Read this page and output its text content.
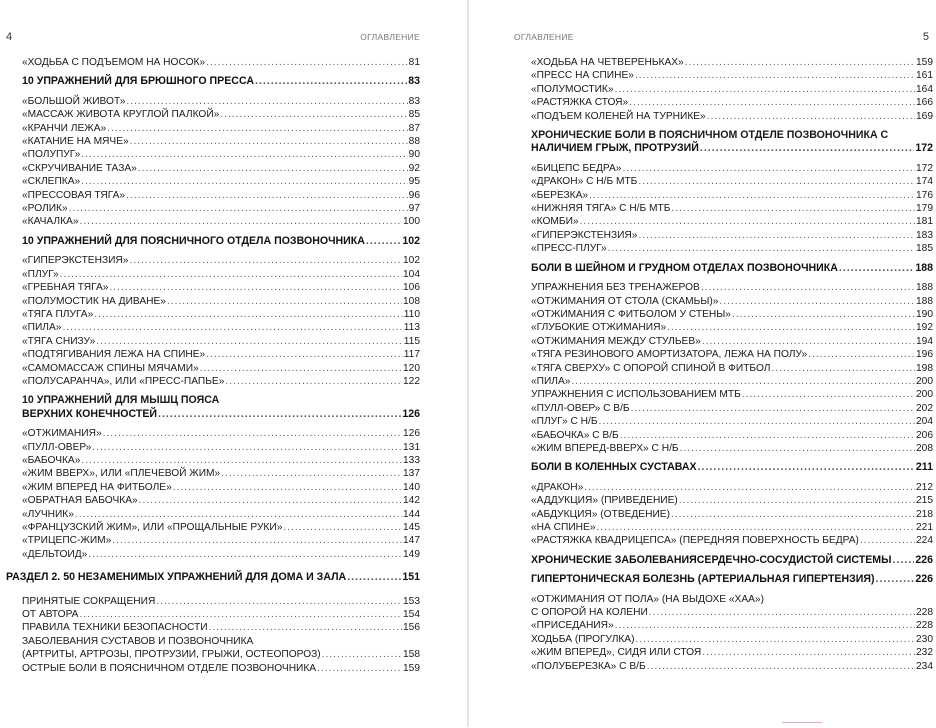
4	ОГЛАВЛЕНИЕ
«ХОДЬБА С ПОДЪЕМОМ НА НОСОК» .....	81
10 УПРАЖНЕНИЙ ДЛЯ БРЮШНОГО ПРЕССА .....	83
«БОЛЬШОЙ ЖИВОТ» .....	83
«МАССАЖ ЖИВОТА КРУГЛОЙ ПАЛКОЙ» .....	85
«КРАНЧИ ЛЕЖА» .....	87
«КАТАНИЕ НА МЯЧЕ» .....	88
«ПОЛУПУГ» .....	90
«СКРУЧИВАНИЕ ТАЗА» .....	92
«СКЛЕПКА» .....	95
«ПРЕССОВАЯ ТЯГА» .....	96
«РОЛИК» .....	97
«КАЧАЛКА» .....	100
10 УПРАЖНЕНИЙ ДЛЯ ПОЯСНИЧНОГО ОТДЕЛА ПОЗВОНОЧНИКА .....	102
«ГИПЕРЭКСТЕНЗИЯ» .....	102
«ПЛУГ» .....	104
«ГРЕБНАЯ ТЯГА» .....	106
«ПОЛУМОСТИК НА ДИВАНЕ» .....	108
«ТЯГА ПЛУГА» .....	110
«ПИЛА» .....	113
«ТЯГА СНИЗУ» .....	115
«ПОДТЯГИВАНИЯ ЛЕЖА НА СПИНЕ» .....	117
«САМОМАССАЖ СПИНЫ МЯЧАМИ» .....	120
«ПОЛУСАРАНЧА», ИЛИ «ПРЕСС-ПАПЬЕ» .....	122
10 УПРАЖНЕНИЙ ДЛЯ МЫШЦ ПОЯСА
ВЕРХНИХ КОНЕЧНОСТЕЙ .....	126
«ОТЖИМАНИЯ» .....	126
«ПУЛЛ-ОВЕР» .....	131
«БАБОЧКА» .....	133
«ЖИМ ВВЕРХ», ИЛИ «ПЛЕЧЕВОЙ ЖИМ» .....	137
«ЖИМ ВПЕРЕД НА ФИТБОЛЕ» .....	140
«ОБРАТНАЯ БАБОЧКА» .....	142
«ЛУЧНИК» .....	144
«ФРАНЦУЗСКИЙ ЖИМ», ИЛИ «ПРОЩАЛЬНЫЕ РУКИ» .....	145
«ТРИЦЕПС-ЖИМ» .....	147
«ДЕЛЬТОИД» .....	149
РАЗДЕЛ 2. 50 НЕЗАМЕНИМЫХ УПРАЖНЕНИЙ ДЛЯ ДОМА И ЗАЛА .....	151
ПРИНЯТЫЕ СОКРАЩЕНИЯ .....	153
ОТ АВТОРА .....	154
ПРАВИЛА ТЕХНИКИ БЕЗОПАСНОСТИ .....	156
ЗАБОЛЕВАНИЯ СУСТАВОВ И ПОЗВОНОЧНИКА
(АРТРИТЫ, АРТРОЗЫ, ПРОТРУЗИИ, ГРЫЖИ, ОСТЕОПОРОЗ) .....	158
ОСТРЫЕ БОЛИ В ПОЯСНИЧНОМ ОТДЕЛЕ ПОЗВОНОЧНИКА .....	159
5
ОГЛАВЛЕНИЕ
«ХОДЬБА НА ЧЕТВЕРЕНЬКАХ» .....	159
«ПРЕСС НА СПИНЕ» .....	161
«ПОЛУМОСТИК» .....	164
«РАСТЯЖКА СТОЯ» .....	166
«ПОДЪЕМ КОЛЕНЕЙ НА ТУРНИКЕ» .....	169
ХРОНИЧЕСКИЕ БОЛИ В ПОЯСНИЧНОМ ОТДЕЛЕ ПОЗВОНОЧНИКА С
НАЛИЧИЕМ ГРЫЖ, ПРОТРУЗИЙ .....	172
«БИЦЕПС БЕДРА» .....	172
«ДРАКОН» С Н/Б МТБ .....	174
«БЕРЕЗКА» .....	176
«НИЖНЯЯ ТЯГА» С Н/Б МТБ .....	179
«КОМБИ» .....	181
«ГИПЕРЭКСТЕНЗИЯ» .....	183
«ПРЕСС-ПЛУГ» .....	185
БОЛИ В ШЕЙНОМ И ГРУДНОМ ОТДЕЛАХ ПОЗВОНОЧНИКА .....	188
УПРАЖНЕНИЯ БЕЗ ТРЕНАЖЕРОВ .....	188
«ОТЖИМАНИЯ ОТ СТОЛА (СКАМЬЫ)» .....	188
«ОТЖИМАНИЯ С ФИТБОЛОМ У СТЕНЫ» .....	190
«ГЛУБОКИЕ ОТЖИМАНИЯ» .....	192
«ОТЖИМАНИЯ МЕЖДУ СТУЛЬЕВ» .....	194
«ТЯГА РЕЗИНОВОГО АМОРТИЗАТОРА, ЛЕЖА НА ПОЛУ» .....	196
«ТЯГА СВЕРХУ» С ОПОРОЙ СПИНОЙ В ФИТБОЛ .....	198
«ПИЛА» .....	200
УПРАЖНЕНИЯ С ИСПОЛЬЗОВАНИЕМ МТБ .....	200
«ПУЛЛ-ОВЕР» С В/Б .....	202
«ПЛУГ» С Н/Б .....	204
«БАБОЧКА» С В/Б .....	206
«ЖИМ ВПЕРЕД-ВВЕРХ» С Н/Б .....	208
БОЛИ В КОЛЕННЫХ СУСТАВАХ .....	211
«ДРАКОН» .....	212
«АДДУКЦИЯ» (ПРИВЕДЕНИЕ) .....	215
«АБДУКЦИЯ» (ОТВЕДЕНИЕ) .....	218
«НА СПИНЕ» .....	221
«РАСТЯЖКА КВАДРИЦЕПСА» (ПЕРЕДНЯЯ ПОВЕРХНОСТЬ БЕДРА) .....	224
ХРОНИЧЕСКИЕ ЗАБОЛЕВАНИЯСЕРДЕЧНО-СОСУДИСТОЙ СИСТЕМЫ ..... 226
ГИПЕРТОНИЧЕСКАЯ БОЛЕЗНЬ (АРТЕРИАЛЬНАЯ ГИПЕРТЕНЗИЯ) .....	226
«ОТЖИМАНИЯ ОТ ПОЛА» (НА ВЫДОХЕ «ХАА»)
С ОПОРОЙ НА КОЛЕНИ .....	228
«ПРИСЕДАНИЯ» .....	228
ХОДЬБА (ПРОГУЛКА) .....	230
«ЖИМ ВПЕРЕД», СИДЯ ИЛИ СТОЯ .....	232
«ПОЛУБЕРЕЗКА» С В/Б .....	234
